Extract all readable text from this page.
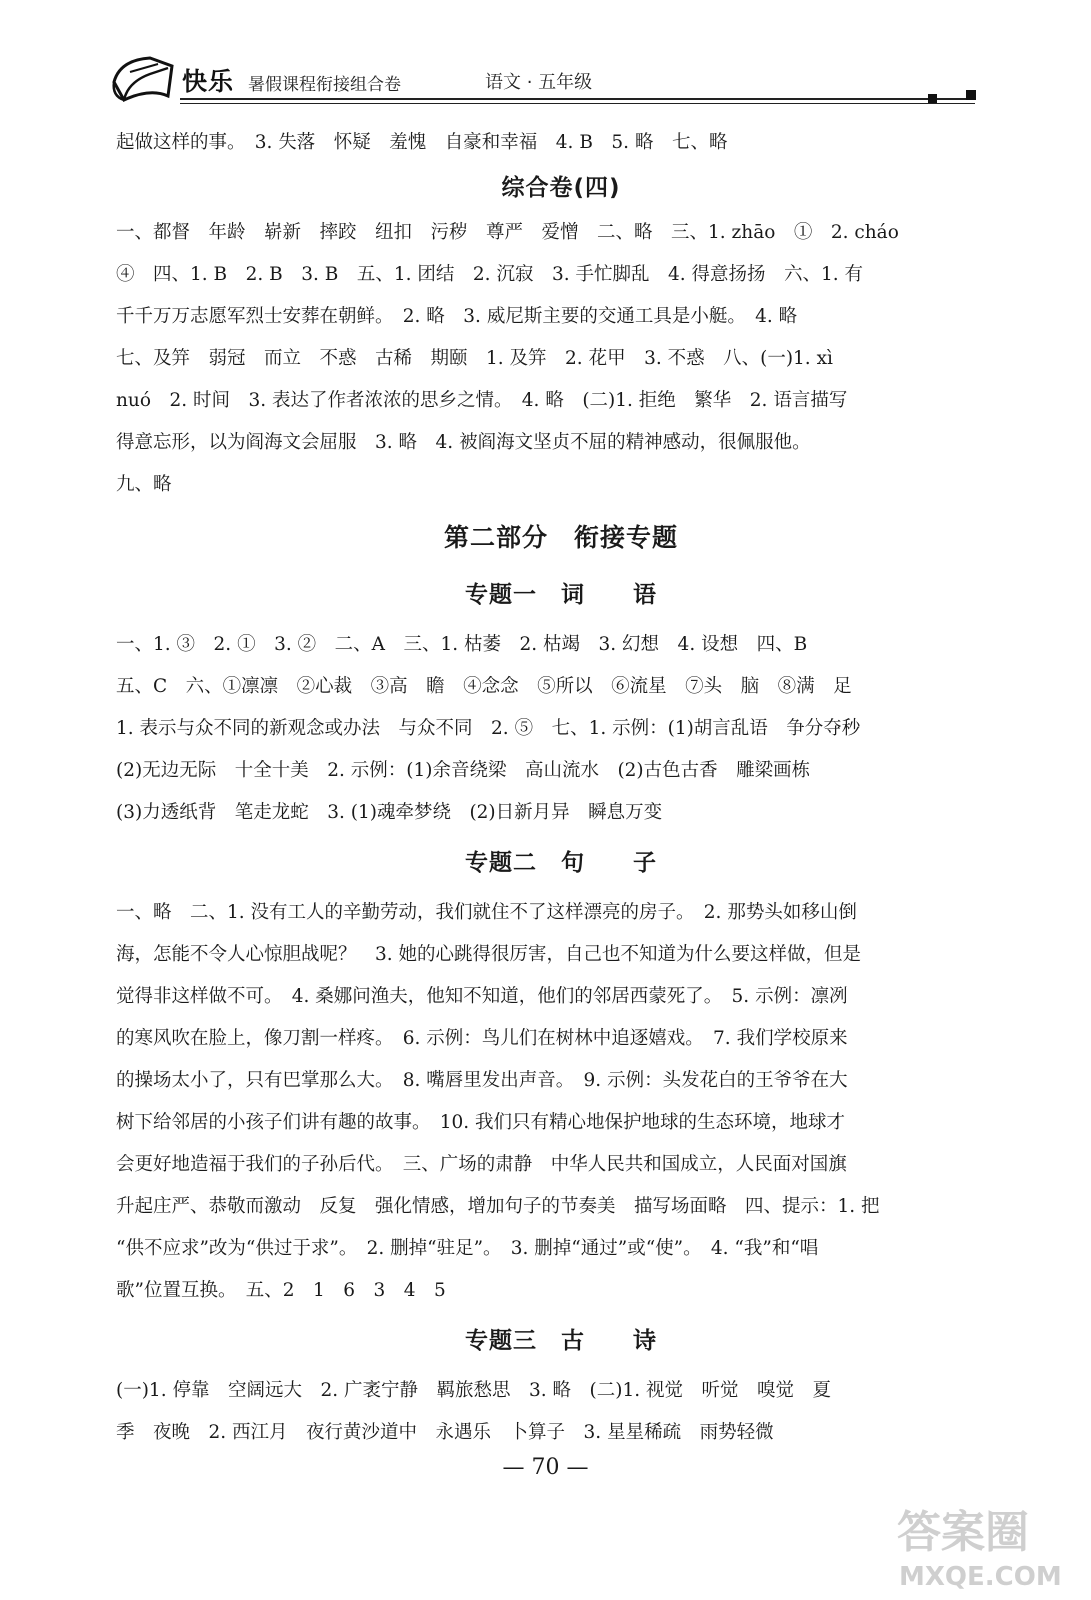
快乐 暑假课程衔接组合卷	语文 · 五年级
起做这样的事。　3. 失落　怀疑　羞愧　自豪和幸福　4. B　5. 略　七、略
综合卷(四)
一、都督　年龄　崭新　摔跤　纽扣　污秽　尊严　爱憎　二、略　三、1. zhāo　①　2. cháo
④　四、1. B　2. B　3. B　五、1. 团结　2. 沉寂　3. 手忙脚乱　4. 得意扬扬　六、1. 有
千千万万志愿军烈士安葬在朝鲜。　2. 略　3. 威尼斯主要的交通工具是小艇。　4. 略
七、及笄　弱冠　而立　不惑　古稀　期颐　1. 及笄　2. 花甲　3. 不惑　八、(一)1. xì
nuó　2. 时间　3. 表达了作者浓浓的思乡之情。　4. 略　(二)1. 拒绝　繁华　2. 语言描写
得意忘形，以为阎海文会屈服　3. 略　4. 被阎海文坚贞不屈的精神感动，很佩服他。
九、略
第二部分　衔接专题
专题一　词　　语
一、1. ③　2. ①　3. ②　二、A　三、1. 枯萎　2. 枯竭　3. 幻想　4. 设想　四、B
五、C　六、①凛凛　②心裁　③高　瞻　④念念　⑤所以　⑥流星　⑦头　脑　⑧满　足
1. 表示与众不同的新观念或办法　与众不同　2. ⑤　七、1. 示例：(1)胡言乱语　争分夺秒
(2)无边无际　十全十美　2. 示例：(1)余音绕梁　高山流水　(2)古色古香　雕梁画栋
(3)力透纸背　笔走龙蛇　3. (1)魂牵梦绕　(2)日新月异　瞬息万变
专题二　句　　子
一、略　二、1. 没有工人的辛勤劳动，我们就住不了这样漂亮的房子。　2. 那势头如移山倒
海，怎能不令人心惊胆战呢？　3. 她的心跳得很厉害，自己也不知道为什么要这样做，但是
觉得非这样做不可。　4. 桑娜问渔夫，他知不知道，他们的邻居西蒙死了。　5. 示例：凛冽
的寒风吹在脸上，像刀割一样疼。　6. 示例：鸟儿们在树林中追逐嬉戏。　7. 我们学校原来
的操场太小了，只有巴掌那么大。　8. 嘴唇里发出声音。　9. 示例：头发花白的王爷爷在大
树下给邻居的小孩子们讲有趣的故事。　10. 我们只有精心地保护地球的生态环境，地球才
会更好地造福于我们的子孙后代。　三、广场的肃静　中华人民共和国成立，人民面对国旗
升起庄严、恭敬而激动　反复　强化情感，增加句子的节奏美　描写场面略　四、提示：1. 把
“供不应求”改为“供过于求”。　2. 删掉“驻足”。　3. 删掉“通过”或“使”。　4. “我”和“唱
歌”位置互换。　五、2　1　6　3　4　5
专题三　古　　诗
(一)1. 停靠　空阔远大　2. 广袤宁静　羁旅愁思　3. 略　(二)1. 视觉　听觉　嗅觉　夏
季　夜晚　2. 西江月　夜行黄沙道中　永遇乐　卜算子　3. 星星稀疏　雨势轻微
— 70 —
答案圈
MXQE.COM
